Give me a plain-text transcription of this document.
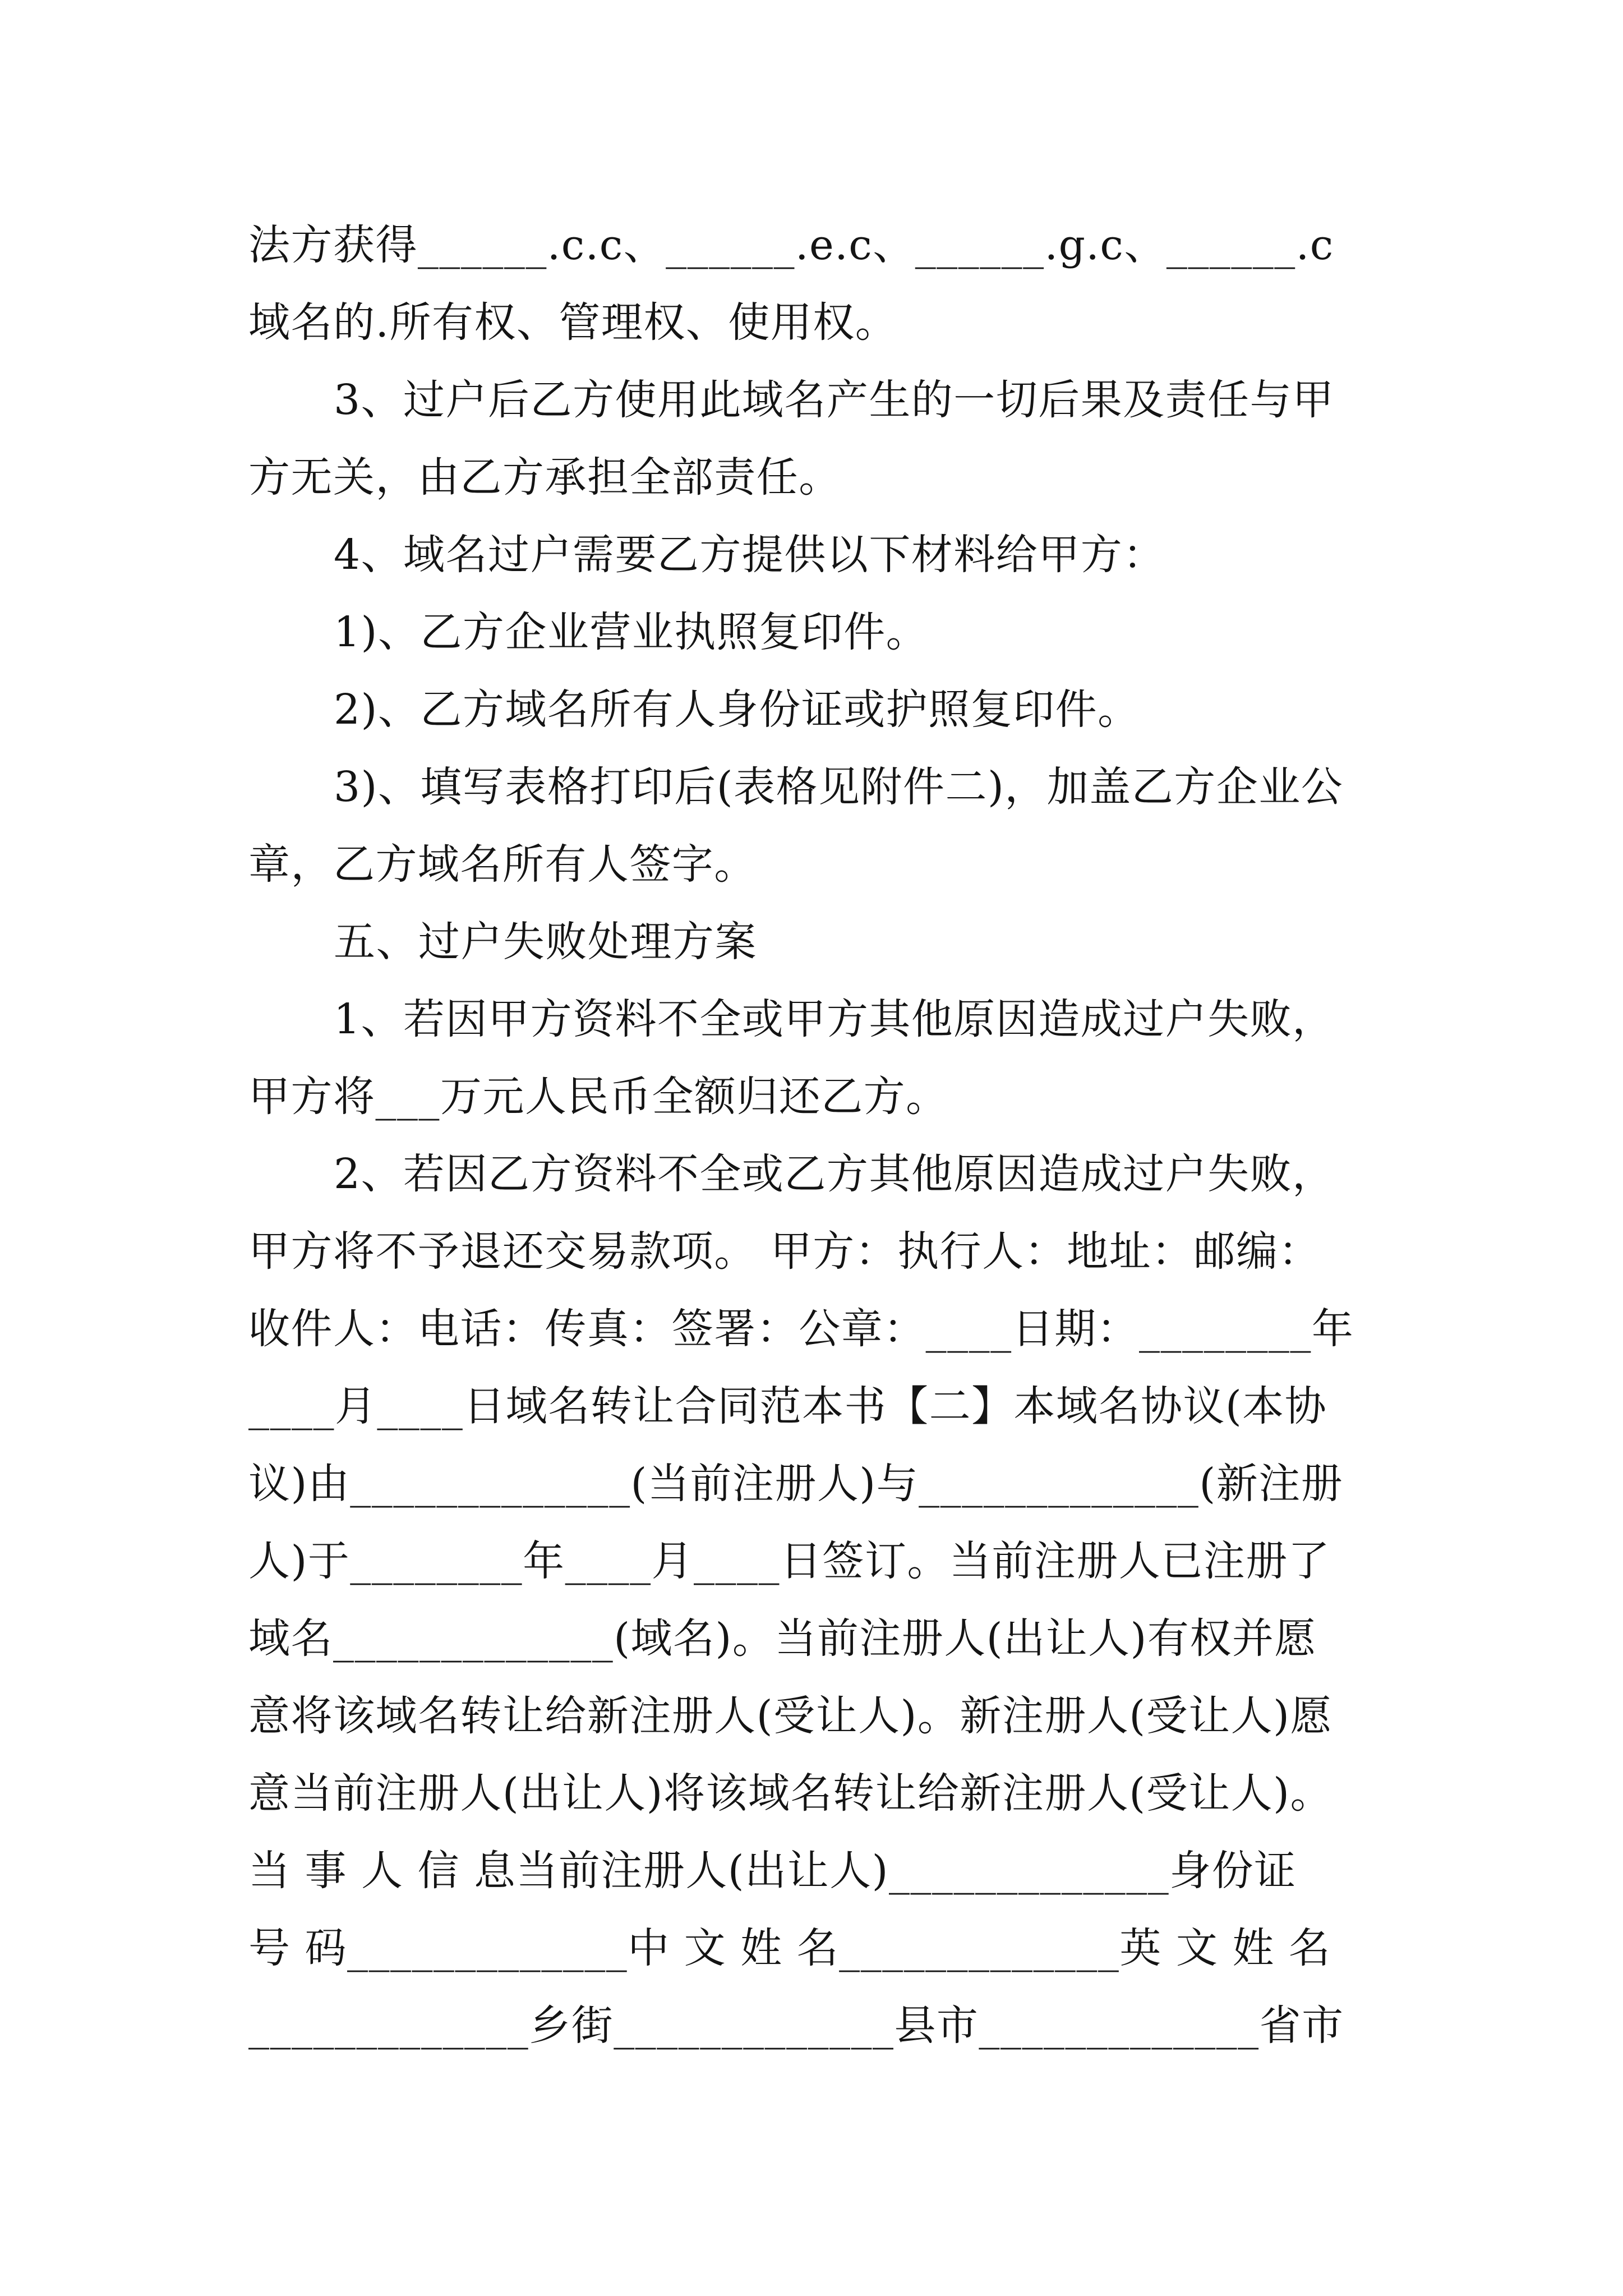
法方获得______.c.c、______.e.c、______.g.c、______.c
域名的.所有权、管理权、使用权。
3、过户后乙方使用此域名产生的一切后果及责任与甲
方无关，由乙方承担全部责任。
4、域名过户需要乙方提供以下材料给甲方：
1)、乙方企业营业执照复印件。
2)、乙方域名所有人身份证或护照复印件。
3)、填写表格打印后(表格见附件二)，加盖乙方企业公
章，乙方域名所有人签字。
五、过户失败处理方案
1、若因甲方资料不全或甲方其他原因造成过户失败，
甲方将___万元人民币全额归还乙方。
2、若因乙方资料不全或乙方其他原因造成过户失败，
甲方将不予退还交易款项。 甲方：执行人：地址：邮编：
收件人：电话：传真：签署：公章：____日期：________年
____月____日域名转让合同范本书【二】本域名协议(本协
议)由_____________(当前注册人)与_____________(新注册
人)于________年____月____日签订。当前注册人已注册了
域名_____________(域名)。当前注册人(出让人)有权并愿
意将该域名转让给新注册人(受让人)。新注册人(受让人)愿
意当前注册人(出让人)将该域名转让给新注册人(受让人)。
当 事 人 信 息当前注册人(出让人)_____________身份证
号 码_____________中 文 姓 名_____________英 文 姓 名
_____________乡街_____________县市_____________省市
